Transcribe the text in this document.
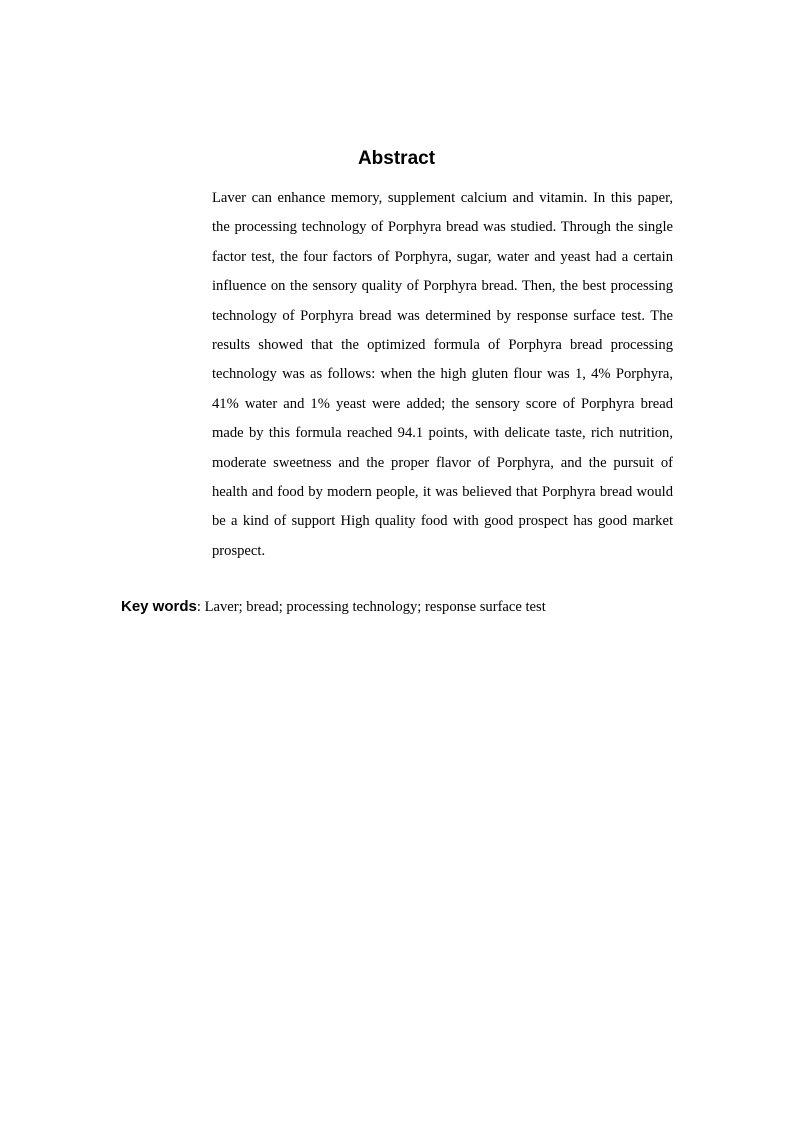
Abstract

Laver can enhance memory, supplement calcium and vitamin. In this paper, the processing technology of Porphyra bread was studied. Through the single factor test, the four factors of Porphyra, sugar, water and yeast had a certain influence on the sensory quality of Porphyra bread. Then, the best processing technology of Porphyra bread was determined by response surface test. The results showed that the optimized formula of Porphyra bread processing technology was as follows: when the high gluten flour was 1, 4% Porphyra, 41% water and 1% yeast were added; the sensory score of Porphyra bread made by this formula reached 94.1 points, with delicate taste, rich nutrition, moderate sweetness and the proper flavor of Porphyra, and the pursuit of health and food by modern people, it was believed that Porphyra bread would be a kind of support High quality food with good prospect has good market prospect.

Key words: Laver; bread; processing technology; response surface test
